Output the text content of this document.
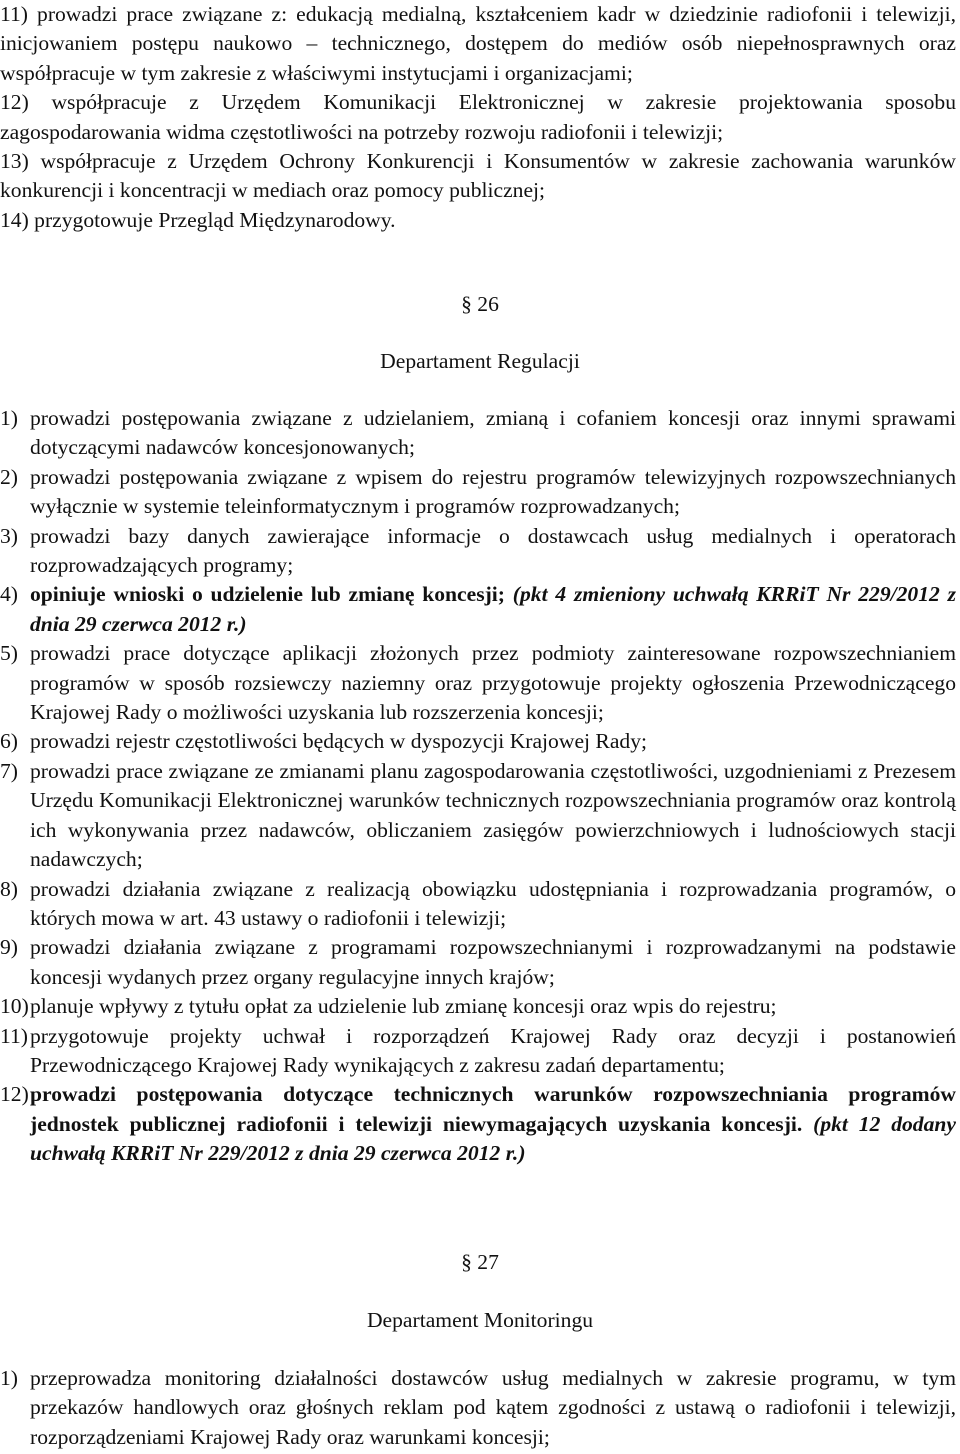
11) prowadzi prace związane z: edukacją medialną, kształceniem kadr w dziedzinie radiofonii i telewizji, inicjowaniem postępu naukowo – technicznego, dostępem do mediów osób niepełnosprawnych oraz współpracuje w tym zakresie z właściwymi instytucjami i organizacjami;
12) współpracuje z Urzędem Komunikacji Elektronicznej w zakresie projektowania sposobu zagospodarowania widma częstotliwości na potrzeby rozwoju radiofonii i telewizji;
13) współpracuje z Urzędem Ochrony Konkurencji i Konsumentów w zakresie zachowania warunków konkurencji i koncentracji w mediach oraz pomocy publicznej;
14) przygotowuje Przegląd Międzynarodowy.
§ 26
Departament Regulacji
1) prowadzi postępowania związane z udzielaniem, zmianą i cofaniem koncesji oraz innymi sprawami dotyczącymi nadawców koncesjonowanych;
2) prowadzi postępowania związane z wpisem do rejestru programów telewizyjnych rozpowszechnianych wyłącznie w systemie teleinformatycznym i programów rozprowadzanych;
3) prowadzi bazy danych zawierające informacje o dostawcach usług medialnych i operatorach rozprowadzających programy;
4) opiniuje wnioski o udzielenie lub zmianę koncesji; (pkt 4 zmieniony uchwałą KRRiT Nr 229/2012 z dnia 29 czerwca 2012 r.)
5) prowadzi prace dotyczące aplikacji złożonych przez podmioty zainteresowane rozpowszechnianiem programów w sposób rozsiewczy naziemny oraz przygotowuje projekty ogłoszenia Przewodniczącego Krajowej Rady o możliwości uzyskania lub rozszerzenia koncesji;
6) prowadzi rejestr częstotliwości będących w dyspozycji Krajowej Rady;
7) prowadzi prace związane ze zmianami planu zagospodarowania częstotliwości, uzgodnieniami z Prezesem Urzędu Komunikacji Elektronicznej warunków technicznych rozpowszechniania programów oraz kontrolą ich wykonywania przez nadawców, obliczaniem zasięgów powierzchniowych i ludnościowych stacji nadawczych;
8) prowadzi działania związane z realizacją obowiązku udostępniania i rozprowadzania programów, o których mowa w art. 43 ustawy o radiofonii i telewizji;
9) prowadzi działania związane z programami rozpowszechnianymi i rozprowadzanymi na podstawie koncesji wydanych przez organy regulacyjne innych krajów;
10) planuje wpływy z tytułu opłat za udzielenie lub zmianę koncesji oraz wpis do rejestru;
11) przygotowuje projekty uchwał i rozporządzeń Krajowej Rady oraz decyzji i postanowień Przewodniczącego Krajowej Rady wynikających z zakresu zadań departamentu;
12) prowadzi postępowania dotyczące technicznych warunków rozpowszechniania programów jednostek publicznej radiofonii i telewizji niewymagających uzyskania koncesji. (pkt 12 dodany uchwałą KRRiT Nr 229/2012 z dnia 29 czerwca 2012 r.)
§ 27
Departament Monitoringu
1) przeprowadza monitoring działalności dostawców usług medialnych w zakresie programu, w tym przekazów handlowych oraz głośnych reklam pod kątem zgodności z ustawą o radiofonii i telewizji, rozporządzeniami Krajowej Rady oraz warunkami koncesji;
